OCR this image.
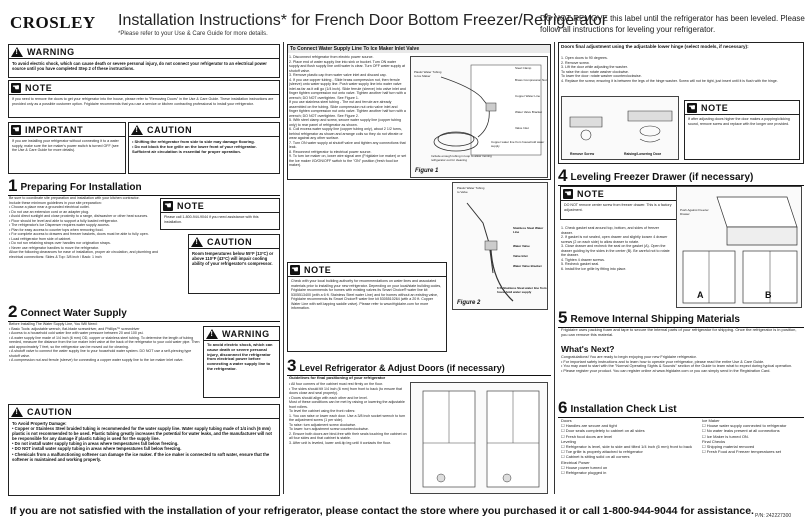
CROSLEY Installation Instructions* for French Door Bottom Freezer/Refrigerator
*Please refer to your Use & Care Guide for more details.
DO NOT REMOVE this label until the refrigerator has been leveled. Please follow all instructions for leveling your refrigerator.
!
WARNING
To avoid electric shock, which can cause death or severe personal injury, do not connect your refrigerator to an electrical power source until you have completed Step 2 of these instructions.
☚ NOTE
If you need to remove the doors to get your refrigerator into the house, please refer to "Removing Doors" in the Use & Care Guide. These installation instructions are provided only as a possible customer option. Frigidaire recommends that you use a service or kitchen contracting professional to install your refrigerator.
☚ IMPORTANT
If you are installing your refrigerator without connecting it to a water supply, make sure the ice maker's power switch is turned OFF (see the Use & Care Guide for more details).
!
CAUTION
• Shifting the refrigerator from side to side may damage flooring.
• Do not block the toe grille on the lower front of your refrigerator. Sufficient air circulation is essential for proper operation.
1 Preparing For Installation
Be sure to coordinate site preparation and installation with your kitchen contractor.
Include these minimum guidelines in your site preparation:
• Choose a place near a grounded electrical outlet.
• Do not use an extension cord or an adapter plug.
• Avoid direct sunlight and close proximity to a range, dishwasher or other heat sources.
• Floor should be level and able to support a fully loaded refrigerator.
• The refrigerator's Ice Dispenser requires water supply access.
• Plan for easy access to counter tops when removing food.
• For complete access to drawers and freezer baskets, doors must be able to fully open.
• Load refrigerator from side of cabinet.
• Do not run retaining straps over handles nor origination straps.
• Never use refrigerator handles to move the refrigerator.
Allow the following clearances for ease of installation, proper air circulation, and plumbing and electrical connections: Sides & Top: 3/8 inch / Back: 1 inch
☚ NOTE
Please call 1-800-944-9044 if you need assistance with this installation.
!
CAUTION
Room temperatures below 55°F (13°C) or above 110°F (43°C) will impair cooling ability of your refrigerator's compressor.
2 Connect Water Supply
Before Installing The Water Supply Line, You Will Need:
• Basic Tools: adjustable wrench, flat-blade screwdriver, and Phillips™ screwdriver
• Access to a household cold water line with water pressure between 20 and 100 psi.
• A water supply line made of 1/4 inch (6 mm) OD, copper or stainless steel tubing. To determine the length of tubing needed, measure the distance from the ice maker inlet valve at the back of the refrigerator to your cold water pipe. Then add approximately 7 feet, so the refrigerator can be moved out for cleaning.
• A shutoff valve to connect the water supply line to your household water system. DO NOT use a self-piercing type shutoff valve.
• A compression nut and ferrule (sleeve) for connecting a copper water supply line to the ice maker inlet valve.
!
WARNING
To avoid electric shock, which can cause death or severe personal injury, disconnect the refrigerator from electrical power before connecting a water supply line to the refrigerator.
!
CAUTION
To Avoid Property Damage:
• Copper or Stainless Steel braided tubing is recommended for the water supply line. Water supply tubing made of 1/4 inch (6 mm) plastic is not recommended to be used. Plastic tubing greatly increases the potential for water leaks, and the manufacturer will not be responsible for any damage if plastic tubing is used for the supply line.
• Do not install water supply tubing in areas where temperatures fall below freezing.
• DO NOT install water supply tubing in areas where temperatures fall below freezing.
• Chemicals from a malfunctioning softener can damage the ice maker. If the ice maker is connected to soft water, ensure that the softener is maintained and working properly.
To Connect Water Supply Line To Ice Maker Inlet Valve
1. Disconnect refrigerator from electric power source.
2. Place end of water supply line into sink or bucket. Turn ON water supply and flush supply line until water is clear. Turn OFF water supply at shutoff valve.
3. Remove plastic cap from water valve inlet and discard cap.
4. If you use copper tubing - Slide brass compression nut, then ferrule (sleeve) onto water supply line. Push water supply line into water valve inlet as far as it will go (1/4 inch). Slide ferrule (sleeve) into valve inlet and finger tighten compression nut onto valve. Tighten another half turn with a wrench; DO NOT overtighten. See Figure 1.
If you use stainless steel tubing - The nut and ferrule are already assembled on the tubing. Slide compression nut onto valve inlet and finger tighten compression nut onto valve. Tighten another half turn with a wrench; DO NOT overtighten. See Figure 2.
5. With steel clamp and screw, secure water supply line (copper tubing only) to rear panel of refrigerator as shown.
6. Coil excess water supply line (copper tubing only), about 2 1/2 turns, behind refrigerator as shown and arrange coils so they do not vibrate or wear against any other surface.
7. Turn ON water supply at shutoff valve and tighten any connections that leak.
8. Reconnect refrigerator to electrical power source.
9. To turn ice maker on, lower wire signal arm (Frigidaire ice maker) or set the Ice maker I/O/ON/OFF switch to the "ON" position (fresh food ice maker).
Plastic Water Tubing to Ice Maker
Steel Clamp
Brass Compression Nut
Copper Water Line
Water Valve Bracket
Valve Inlet
Copper water line from household water supply
Include enough tubing in loop to allow moving refrigerator out for cleaning
Figure 1
Plastic Water Tubing to Valve
Stainless Steel Water Line
Water Valve
Valve Inlet
Water Valve Bracket
6 ft. Stainless Steel water line from household water supply
Figure 2
☚ NOTE
Check with your local building authority for recommendations on water lines and associated materials prior to installing your new refrigerator. Depending on your local/state building codes, Frigidaire recommends for homes with existing valves its Smart Choice® water line kit 5305513400 (with a 6 ft. Stainless Steel water Line) and for homes without an existing valve, Frigidaire recommends its Smart Choice® water line kit 5305510264 (with a 20 ft. Copper Water Line with self-tapping saddle valve). Please refer to www.frigidaire.com for more information.
3 Level Refrigerator & Adjust Doors (if necessary)
Guidelines for final positioning of your refrigerator
• All four corners of the cabinet must rest firmly on the floor.
• The sides should tilt 1/4 inch (6 mm) from front to back (to ensure that doors close and seal properly).
• Doors should align with each other and be level.
Most of these conditions can be met by raising or lowering the adjustable front rollers.
To level the cabinet using the front rollers:
1. You can raise or lower each door. Use a 3/8 inch socket wrench to turn the adjustment screw (1 per side).
To raise: turn adjustment screw clockwise.
To lower: turn adjustment screw counterclockwise.
2. Ensure both doors are bind-free with their seals touching the cabinet on all four sides and that cabinet is stable.
3. After unit is leveled, lower anti-tip leg until it contacts the floor.
Doors final adjustment using the adjustable lower hinge (select models, if necessary):
1. Open doors to 90 degrees.
2. Remove screw.
3. Lift the door while adjusting the washer.
To raise the door: rotate washer clockwise.
To lower the door: rotate washer counterclockwise.
4. Replace the screw, ensuring it is between the legs of the hinge washer. Screw will not be tight, just insert until it is flush with the hinge.
Remove Screw	Raising/Lowering Door
☚ NOTE
If after adjusting doors higher the door makes a popping/clicking sound, remove screw and replace with the longer one provided.
4 Leveling Freezer Drawer (if necessary)
☚ NOTE
DO NOT remove center screw from freezer drawer. This is a factory adjustment.
1. Check gasket seal around top, bottom, and sides of freezer drawer.
2. If gasket is not sealed, open drawer and slightly loosen 4 drawer screws (2 on each side) to allow drawer to rotate.
3. Close drawer and recheck the seal on the gasket (A). Open the drawer guiding by the sides in the center (B). Be careful not to rotate the drawer.
4. Tighten 4 drawer screws.
5. Recheck gasket seal.
6. Install the ice grille by fitting into place.
Push Against Freezer Drawer
A	B
5 Remove Internal Shipping Materials
Frigidaire uses packing foam and tape to secure the internal parts of your refrigerator for shipping. Once the refrigerator is in position, you can remove this material.
What's Next?
Congratulations! You are ready to begin enjoying your new Frigidaire refrigerator.
• For important safety instructions and to learn how to operate your refrigerator, please read the entire Use & Care Guide.
• You may want to start with the "Normal Operating Sights & Sounds" section of the Guide to learn what to expect during typical operation.
• Please register your product. You can register online at www.frigidaire.com or you can simply send in the Registration Card.
6 Installation Check List
Doors
☐ Handles are secure and tight
☐ Door seals completely to cabinet on all sides
☐ Fresh food doors are level
Leveling
☐ Refrigerator is level, side to side and tilted 1/4 inch (6 mm) front to back
☐ Toe grille is properly attached to refrigerator
☐ Cabinet is sitting solid on all corners
Electrical Power
☐ House power turned on
☐ Refrigerator plugged in
Ice Maker
☐ House water supply connected to refrigerator
☐ No water leaks present at all connections
☐ Ice Maker is turned ON.
Final Checks
☐ Shipping material removed
☐ Fresh Food and Freezer temperatures set
If you are not satisfied with the installation of your refrigerator, please contact the store where you purchased it or call 1-800-944-9044 for assistance. P/N: 242227300
